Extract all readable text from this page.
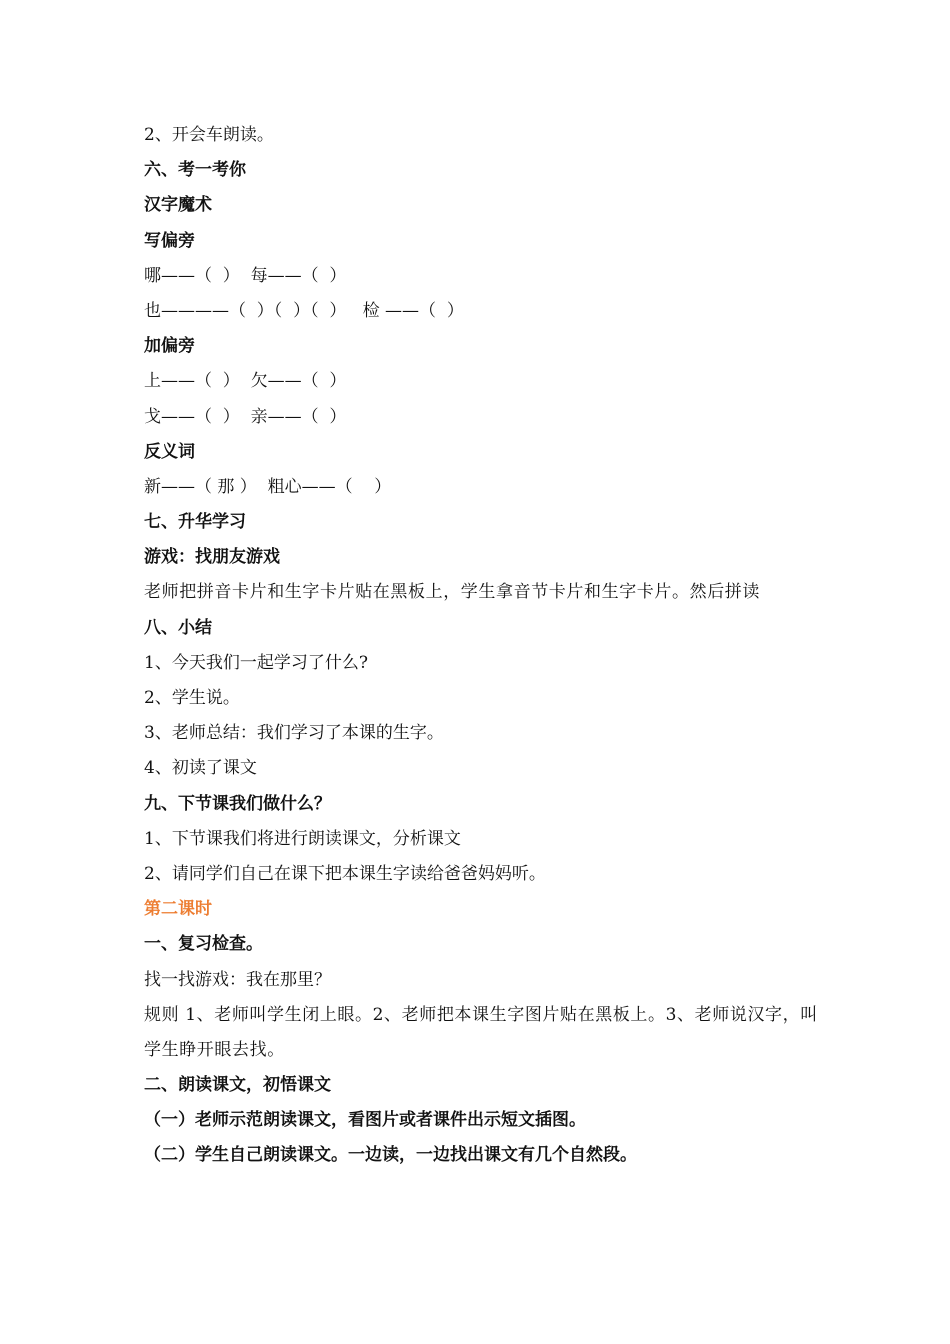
2、开会车朗读。
六、考一考你
汉字魔术
写偏旁
哪——（  ）  每——（  ）
也————（  ）（  ）（  ）   检 ——（  ）
加偏旁
上——（  ）  欠——（  ）
戈——（  ）  亲——（  ）
反义词
新——（ 那 ）  粗心——（    ）
七、升华学习
游戏：找朋友游戏
老师把拼音卡片和生字卡片贴在黑板上，学生拿音节卡片和生字卡片。然后拼读
八、小结
1、今天我们一起学习了什么?
2、学生说。
3、老师总结：我们学习了本课的生字。
4、初读了课文
九、下节课我们做什么？
1、下节课我们将进行朗读课文，分析课文
2、请同学们自己在课下把本课生字读给爸爸妈妈听。
第二课时
一、复习检查。
找一找游戏：我在那里？
规则 1、老师叫学生闭上眼。2、老师把本课生字图片贴在黑板上。3、老师说汉字，叫学生睁开眼去找。
二、朗读课文，初悟课文
（一）老师示范朗读课文，看图片或者课件出示短文插图。
（二）学生自己朗读课文。一边读，一边找出课文有几个自然段。
